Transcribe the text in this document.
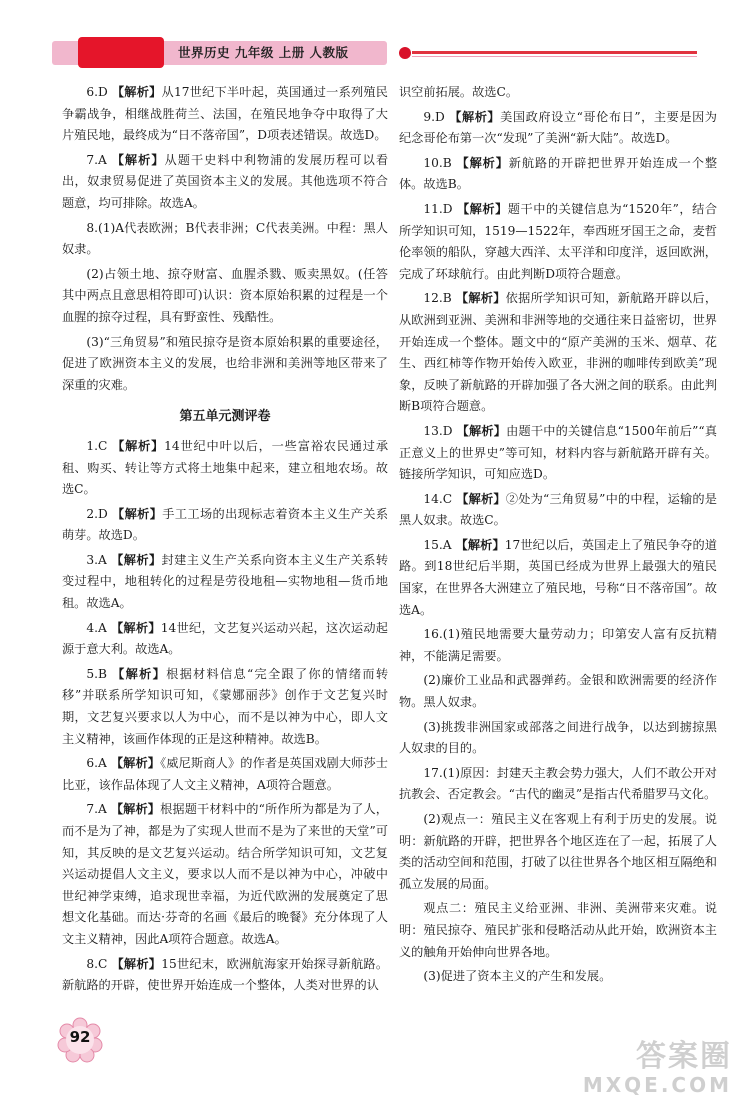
世界历史 九年级 上册 人教版

6.D 【解析】从17世纪下半叶起，英国通过一系列殖民争霸战争，相继战胜荷兰、法国，在殖民地争夺中取得了大片殖民地，最终成为“日不落帝国”，D项表述错误。故选D。

7.A 【解析】从题干史料中利物浦的发展历程可以看出，奴隶贸易促进了英国资本主义的发展。其他选项不符合题意，均可排除。故选A。

8.(1)A代表欧洲；B代表非洲；C代表美洲。中程：黑人奴隶。

(2)占领土地、掠夺财富、血腥杀戮、贩卖黑奴。(任答其中两点且意思相符即可)认识：资本原始积累的过程是一个血腥的掠夺过程，具有野蛮性、残酷性。

(3)“三角贸易”和殖民掠夺是资本原始积累的重要途径，促进了欧洲资本主义的发展，也给非洲和美洲等地区带来了深重的灾难。

第五单元测评卷

1.C 【解析】14世纪中叶以后，一些富裕农民通过承租、购买、转让等方式将土地集中起来，建立租地农场。故选C。

2.D 【解析】手工工场的出现标志着资本主义生产关系萌芽。故选D。

3.A 【解析】封建主义生产关系向资本主义生产关系转变过程中，地租转化的过程是劳役地租—实物地租—货币地租。故选A。

4.A 【解析】14世纪，文艺复兴运动兴起，这次运动起源于意大利。故选A。

5.B 【解析】根据材料信息“完全跟了你的情绪而转移”并联系所学知识可知，《蒙娜丽莎》创作于文艺复兴时期，文艺复兴要求以人为中心，而不是以神为中心，即人文主义精神，该画作体现的正是这种精神。故选B。

6.A 【解析】《威尼斯商人》的作者是英国戏剧大师莎士比亚，该作品体现了人文主义精神，A项符合题意。

7.A 【解析】根据题干材料中的“所作所为都是为了人，而不是为了神，都是为了实现人世而不是为了来世的天堂”可知，其反映的是文艺复兴运动。结合所学知识可知，文艺复兴运动提倡人文主义，要求以人而不是以神为中心，冲破中世纪神学束缚，追求现世幸福，为近代欧洲的发展奠定了思想文化基础。而达·芬奇的名画《最后的晚餐》充分体现了人文主义精神，因此A项符合题意。故选A。

8.C 【解析】15世纪末，欧洲航海家开始探寻新航路。新航路的开辟，使世界开始连成一个整体，人类对世界的认

识空前拓展。故选C。

9.D 【解析】美国政府设立“哥伦布日”，主要是因为纪念哥伦布第一次“发现”了美洲“新大陆”。故选D。

10.B 【解析】新航路的开辟把世界开始连成一个整体。故选B。

11.D 【解析】题干中的关键信息为“1520年”，结合所学知识可知，1519—1522年，奉西班牙国王之命，麦哲伦率领的船队，穿越大西洋、太平洋和印度洋，返回欧洲，完成了环球航行。由此判断D项符合题意。

12.B 【解析】依据所学知识可知，新航路开辟以后，从欧洲到亚洲、美洲和非洲等地的交通往来日益密切，世界开始连成一个整体。题文中的“原产美洲的玉米、烟草、花生、西红柿等作物开始传入欧亚，非洲的咖啡传到欧美”现象，反映了新航路的开辟加强了各大洲之间的联系。由此判断B项符合题意。

13.D 【解析】由题干中的关键信息“1500年前后”“真正意义上的世界史”等可知，材料内容与新航路开辟有关。链接所学知识，可知应选D。

14.C 【解析】②处为“三角贸易”中的中程，运输的是黑人奴隶。故选C。

15.A 【解析】17世纪以后，英国走上了殖民争夺的道路。到18世纪后半期，英国已经成为世界上最强大的殖民国家，在世界各大洲建立了殖民地，号称“日不落帝国”。故选A。

16.(1)殖民地需要大量劳动力；印第安人富有反抗精神，不能满足需要。

(2)廉价工业品和武器弹药。金银和欧洲需要的经济作物。黑人奴隶。

(3)挑拨非洲国家或部落之间进行战争，以达到掳掠黑人奴隶的目的。

17.(1)原因：封建天主教会势力强大，人们不敢公开对抗教会、否定教会。“古代的幽灵”是指古代希腊罗马文化。

(2)观点一：殖民主义在客观上有利于历史的发展。说明：新航路的开辟，把世界各个地区连在了一起，拓展了人类的活动空间和范围，打破了以往世界各个地区相互隔绝和孤立发展的局面。

观点二：殖民主义给亚洲、非洲、美洲带来灾难。说明：殖民掠夺、殖民扩张和侵略活动从此开始，欧洲资本主义的触角开始伸向世界各地。

(3)促进了资本主义的产生和发展。

92
答案圈
MXQE.COM
